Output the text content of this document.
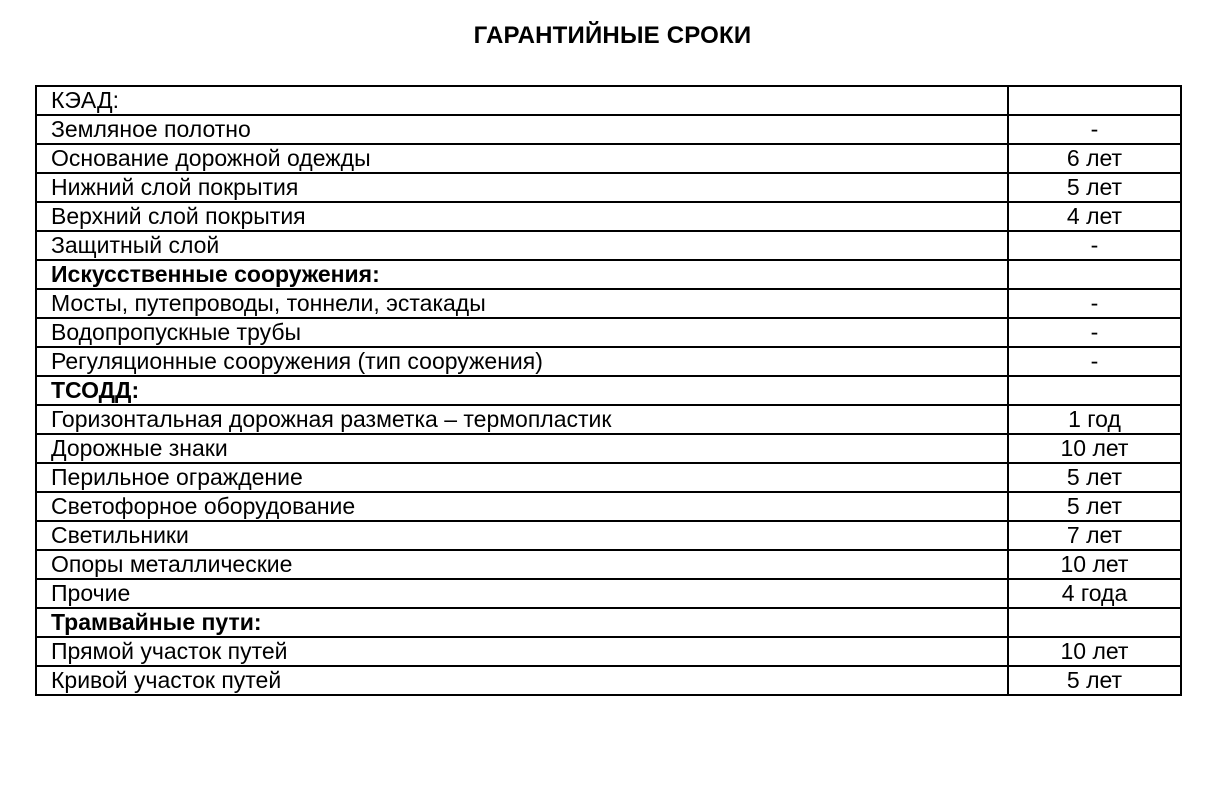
ГАРАНТИЙНЫЕ СРОКИ
КЭАД:	
Земляное полотно	-
Основание дорожной одежды	6 лет
Нижний слой покрытия	5 лет
Верхний слой покрытия	4 лет
Защитный слой	-
Искусственные сооружения:	
Мосты, путепроводы, тоннели, эстакады	-
Водопропускные трубы	-
Регуляционные сооружения (тип сооружения)	-
ТСОДД:	
Горизонтальная дорожная разметка – термопластик	1 год
Дорожные знаки	10 лет
Перильное ограждение	5 лет
Светофорное оборудование	5 лет
Светильники	7 лет
Опоры металлические	10 лет
Прочие	4 года
Трамвайные пути:	
Прямой участок путей	10 лет
Кривой участок путей	5 лет
